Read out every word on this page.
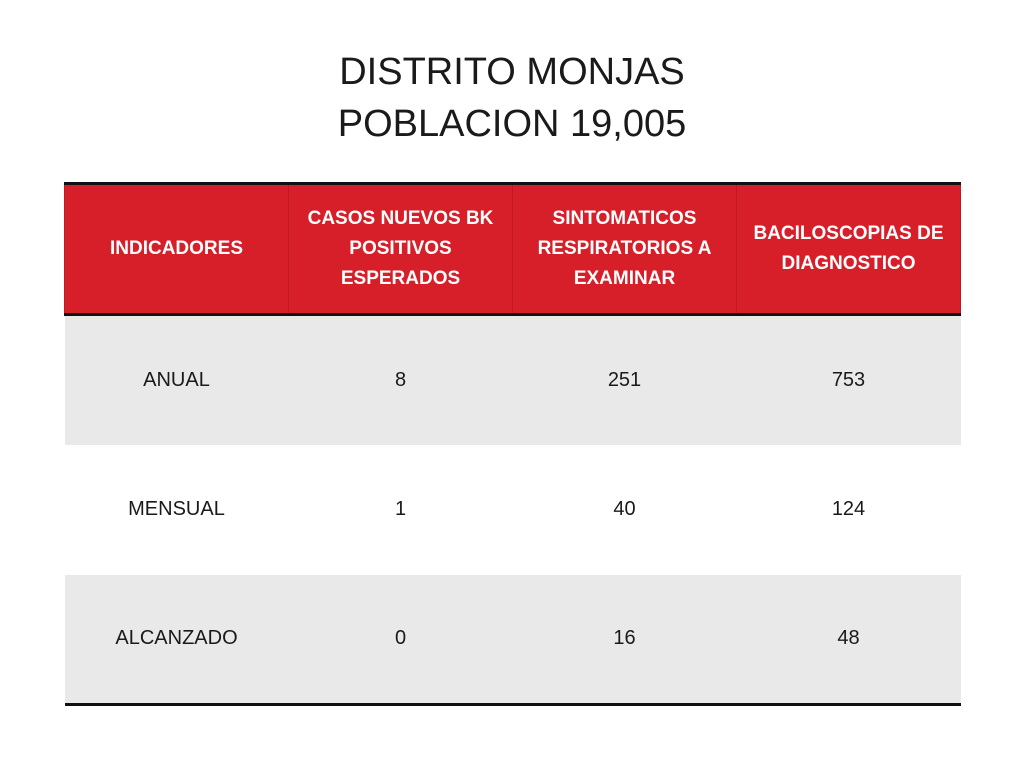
DISTRITO MONJAS
POBLACION 19,005
INDICADORES	CASOS NUEVOS BK POSITIVOS ESPERADOS	SINTOMATICOS RESPIRATORIOS A EXAMINAR	BACILOSCOPIAS DE DIAGNOSTICO
ANUAL	8	251	753
MENSUAL	1	40	124
ALCANZADO	0	16	48
